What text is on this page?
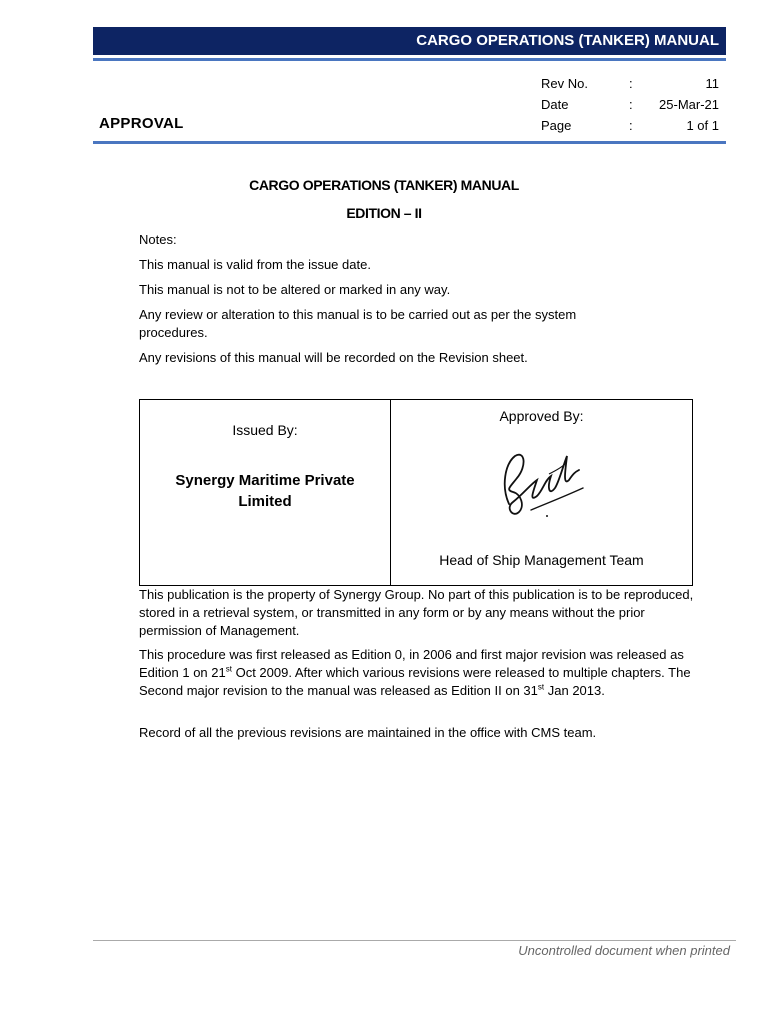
CARGO OPERATIONS (TANKER) MANUAL
Rev No.	:	11
Date	: 25-Mar-21
Page	:	1 of 1
APPROVAL
CARGO OPERATIONS (TANKER) MANUAL
EDITION – II
Notes:
This manual is valid from the issue date.
This manual is not to be altered or marked in any way.
Any review or alteration to this manual is to be carried out as per the system procedures.
Any revisions of this manual will be recorded on the Revision sheet.
Issued By:
Synergy Maritime Private Limited
Approved By:
Head of Ship Management Team
This publication is the property of Synergy Group. No part of this publication is to be reproduced, stored in a retrieval system, or transmitted in any form or by any means without the prior permission of Management.
This procedure was first released as Edition 0, in 2006 and first major revision was released as Edition 1 on 21st Oct 2009. After which various revisions were released to multiple chapters. The Second major revision to the manual was released as Edition II on 31st Jan 2013.
Record of all the previous revisions are maintained in the office with CMS team.
Uncontrolled document when printed
